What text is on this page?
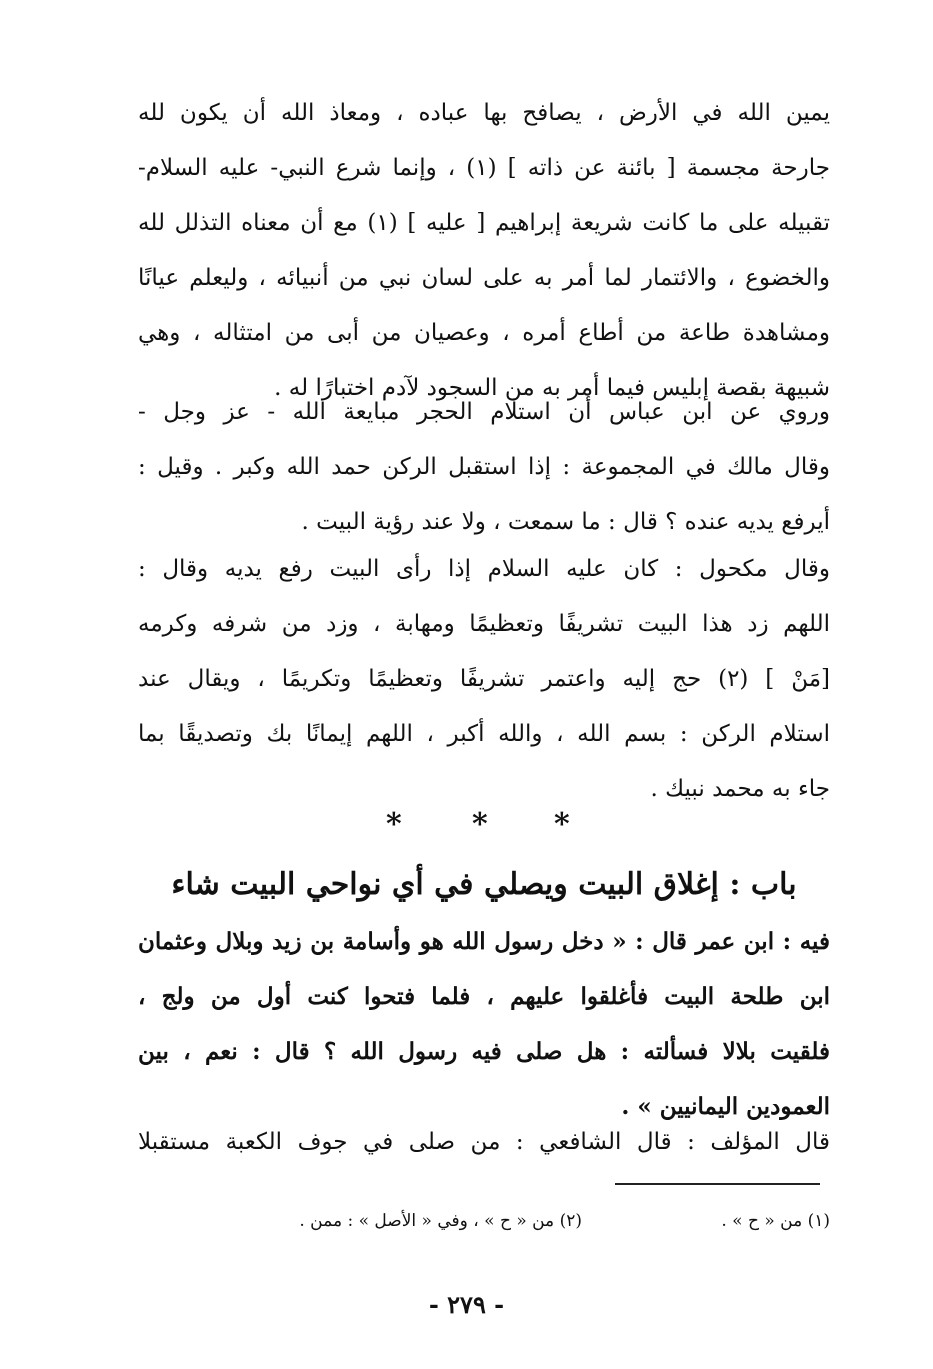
يمين الله في الأرض ، يصافح بها عباده ، ومعاذ الله أن يكون لله
جارحة مجسمة [ بائنة عن ذاته ] (١) ، وإنما شرع النبي- عليه السلام-
تقبيله على ما كانت شريعة إبراهيم [ عليه ] (١) مع أن معناه التذلل لله
والخضوع ، والائتمار لما أمر به على لسان نبي من أنبيائه ، وليعلم عيانًا
ومشاهدة طاعة من أطاع أمره ، وعصيان من أبى من امتثاله ، وهي
شبيهة بقصة إبليس فيما أمر به من السجود لآدم اختبارًا له .
وروي عن ابن عباس أن استلام الحجر مبايعة الله - عز وجل -
وقال مالك في المجموعة : إذا استقبل الركن حمد الله وكبر . وقيل :
أيرفع يديه عنده ؟ قال : ما سمعت ، ولا عند رؤية البيت .
وقال مكحول : كان عليه السلام إذا رأى البيت رفع يديه وقال :
اللهم زد هذا البيت تشريفًا وتعظيمًا ومهابة ، وزد من شرفه وكرمه
[مَنْ ] (٢) حج إليه واعتمر تشريفًا وتعظيمًا وتكريمًا ، ويقال عند
استلام الركن : بسم الله ، والله أكبر ، اللهم إيمانًا بك وتصديقًا بما
جاء به محمد نبيك .
* * *
باب : إغلاق البيت ويصلي في أي نواحي البيت شاء
فيه : ابن عمر قال : « دخل رسول الله هو وأسامة بن زيد وبلال وعثمان
ابن طلحة البيت فأغلقوا عليهم ، فلما فتحوا كنت أول من ولج ،
فلقيت بلالا فسألته : هل صلى فيه رسول الله ؟ قال : نعم ، بين
العمودين اليمانيين » .
قال المؤلف : قال الشافعي : من صلى في جوف الكعبة مستقبلا
(١) من « ح » .
(٢) من « ح » ، وفي « الأصل » : ممن .
- ٢٧٩ -
